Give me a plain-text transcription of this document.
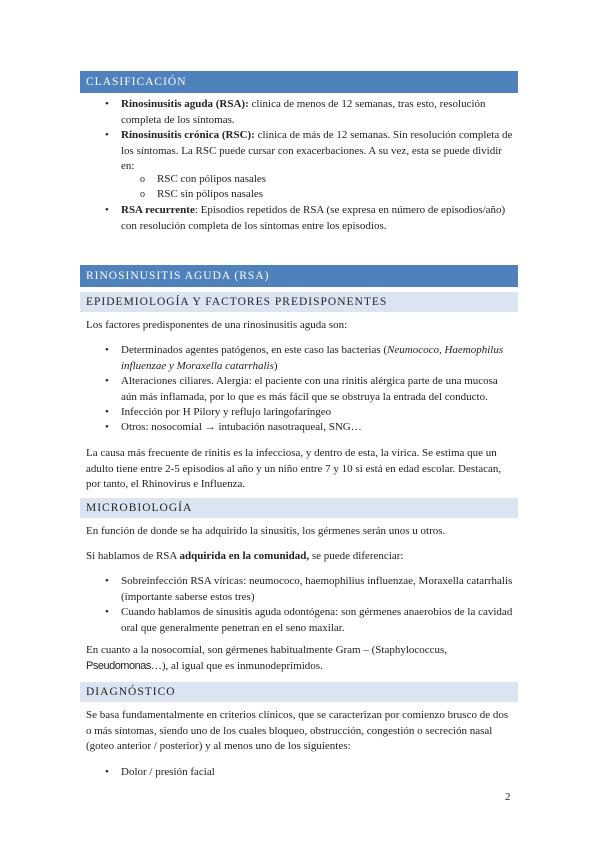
CLASIFICACIÓN
• Rinosinusitis aguda (RSA): clínica de menos de 12 semanas, tras esto, resolución
completa de los síntomas.
• Rinosinusitis crónica (RSC): clínica de más de 12 semanas. Sin resolución completa de
los síntomas. La RSC puede cursar con exacerbaciones. A su vez, esta se puede dividir
en:
o RSC con pólipos nasales
o RSC sin pólipos nasales
• RSA recurrente: Episodios repetidos de RSA (se expresa en número de episodios/año)
con resolución completa de los síntomas entre los episodios.
RINOSINUSITIS AGUDA (RSA)
EPIDEMIOLOGÍA Y FACTORES PREDISPONENTES
Los factores predisponentes de una rinosinusitis aguda son:
• Determinados agentes patógenos, en este caso las bacterias (Neumococo, Haemophilus
influenzae y Moraxella catarrhalis)
• Alteraciones ciliares. Alergia: el paciente con una rinitis alérgica parte de una mucosa
aún más inflamada, por lo que es más fácil que se obstruya la entrada del conducto.
• Infección por H Pilory y reflujo laringofaríngeo
• Otros: nosocomial → intubación nasotraqueal, SNG…
La causa más frecuente de rinitis es la infecciosa, y dentro de esta, la vírica. Se estima que un
adulto tiene entre 2-5 episodios al año y un niño entre 7 y 10 si está en edad escolar. Destacan,
por tanto, el Rhinovirus e Influenza.
MICROBIOLOGÍA
En función de donde se ha adquirido la sinusitis, los gérmenes serán unos u otros.
Si hablamos de RSA adquirida en la comunidad, se puede diferenciar:
• Sobreinfección RSA víricas: neumococo, haemophilius influenzae, Moraxella catarrhalis
(importante saberse estos tres)
• Cuando hablamos de sinusitis aguda odontógena: son gérmenes anaerobios de la cavidad
oral que generalmente penetran en el seno maxilar.
En cuanto a la nosocomial, son gérmenes habitualmente Gram – (Staphylococcus,
Pseudomonas…), al igual que es inmunodeprimidos.
DIAGNÓSTICO
Se basa fundamentalmente en criterios clínicos, que se caracterizan por comienzo brusco de dos
o más síntomas, siendo uno de los cuales bloqueo, obstrucción, congestión o secreción nasal
(goteo anterior / posterior) y al menos uno de los siguientes:
• Dolor / presión facial
2
